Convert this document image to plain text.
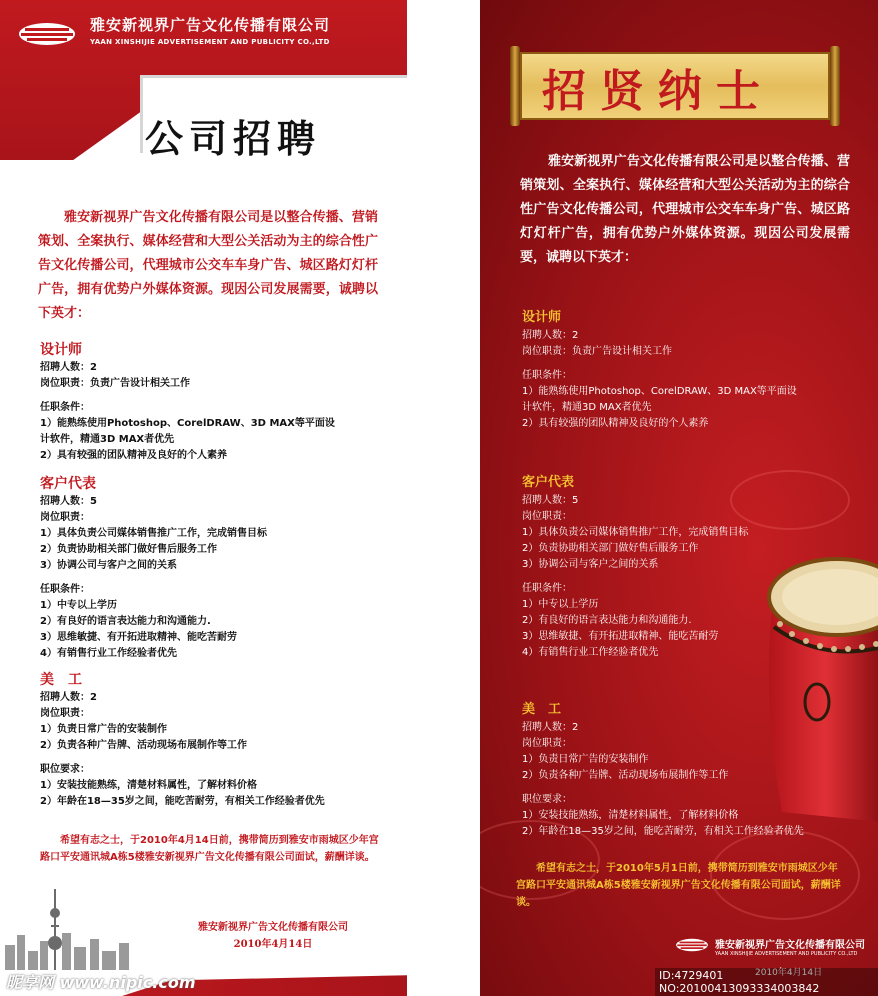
雅安新视界广告文化传播有限公司
YAAN XINSHIJIE ADVERTISEMENT AND PUBLICITY CO.,LTD
公司招聘
雅安新视界广告文化传播有限公司是以整合传播、营销策划、全案执行、媒体经营和大型公关活动为主的综合性广告文化传播公司，代理城市公交车车身广告、城区路灯灯杆广告，拥有优势户外媒体资源。现因公司发展需要，诚聘以下英才：
设计师

招聘人数：2

岗位职责：负责广告设计相关工作

任职条件：

1）能熟练使用Photoshop、CorelDRAW、3D MAX等平面设

计软件，精通3D MAX者优先

2）具有较强的团队精神及良好的个人素养

客户代表

招聘人数：5

岗位职责：

1）具体负责公司媒体销售推广工作，完成销售目标

2）负责协助相关部门做好售后服务工作

3）协调公司与客户之间的关系

任职条件：

1）中专以上学历

2）有良好的语言表达能力和沟通能力.

3）思维敏捷、有开拓进取精神、能吃苦耐劳

4）有销售行业工作经验者优先

美　工

招聘人数：2

岗位职责：

1）负责日常广告的安装制作

2）负责各种广告牌、活动现场布展制作等工作

职位要求：

1）安装技能熟练，清楚材料属性，了解材料价格

2）年龄在18—35岁之间，能吃苦耐劳，有相关工作经验者优先

希望有志之士，于2010年4月14日前，携带简历到雅安市雨城区少年宫路口平安通讯城A栋5楼雅安新视界广告文化传播有限公司面试，薪酬详谈。
雅安新视界广告文化传播有限公司
2010年4月14日
昵享网 www.nipic.com
招贤纳士
雅安新视界广告文化传播有限公司是以整合传播、营销策划、全案执行、媒体经营和大型公关活动为主的综合性广告文化传播公司，代理城市公交车车身广告、城区路灯灯杆广告，拥有优势户外媒体资源。现因公司发展需要，诚聘以下英才：
设计师

招聘人数：2

岗位职责：负责广告设计相关工作

任职条件：

1）能熟练使用Photoshop、CorelDRAW、3D MAX等平面设

计软件，精通3D MAX者优先

2）具有较强的团队精神及良好的个人素养

客户代表

招聘人数：5

岗位职责：

1）具体负责公司媒体销售推广工作，完成销售目标

2）负责协助相关部门做好售后服务工作

3）协调公司与客户之间的关系

任职条件：

1）中专以上学历

2）有良好的语言表达能力和沟通能力.

3）思维敏捷、有开拓进取精神、能吃苦耐劳

4）有销售行业工作经验者优先

美　工

招聘人数：2

岗位职责：

1）负责日常广告的安装制作

2）负责各种广告牌、活动现场布展制作等工作

职位要求：

1）安装技能熟练，清楚材料属性，了解材料价格

2）年龄在18—35岁之间，能吃苦耐劳，有相关工作经验者优先

希望有志之士，于2010年5月1日前，携带简历到雅安市雨城区少年宫路口平安通讯城A栋5楼雅安新视界广告文化传播有限公司面试，薪酬详谈。
雅安新视界广告文化传播有限公司
YAAN XINSHIJIE ADVERTISEMENT AND PUBLICITY CO.,LTD
2010年4月14日
ID:4729401 NO:20100413093334003842
